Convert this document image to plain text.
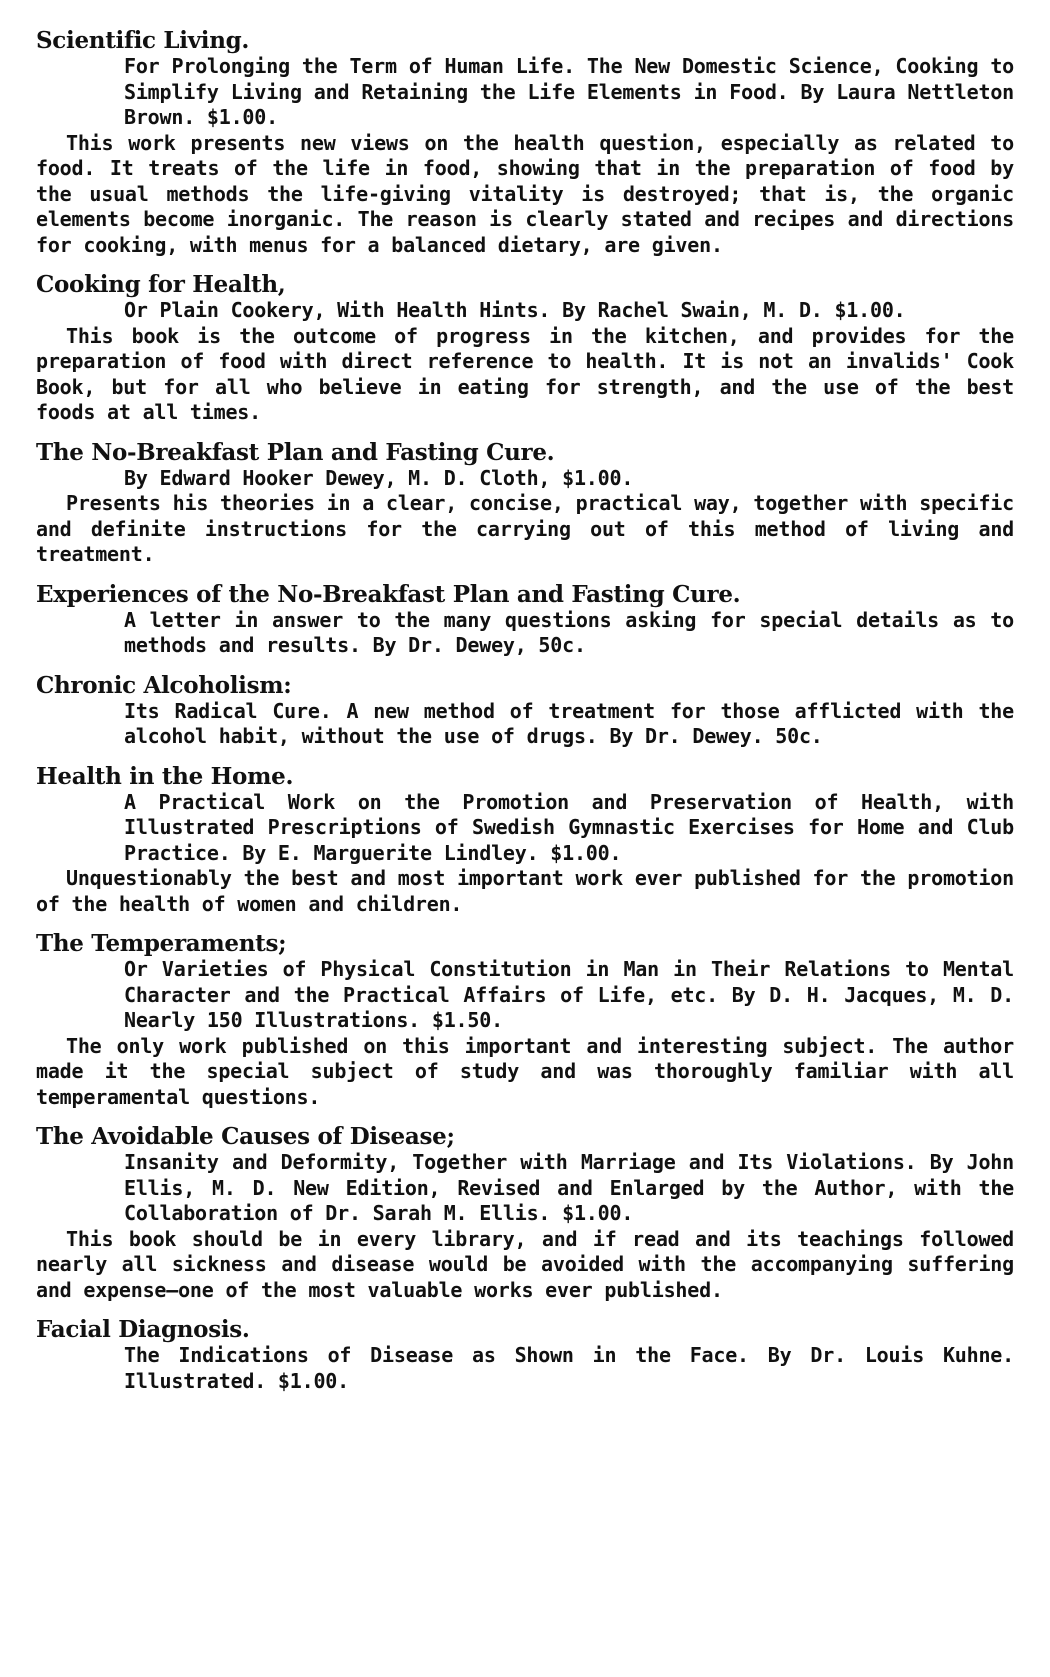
Scientific Living.
For Prolonging the Term of Human Life. The New Domestic Science, Cooking to Simplify Living and Retaining the Life Elements in Food. By Laura Nettleton Brown. $1.00.
This work presents new views on the health question, especially as related to food. It treats of the life in food, showing that in the preparation of food by the usual methods the life-giving vitality is destroyed; that is, the organic elements become inorganic. The reason is clearly stated and recipes and directions for cooking, with menus for a balanced dietary, are given.
Cooking for Health,
Or Plain Cookery, With Health Hints. By Rachel Swain, M. D. $1.00.
This book is the outcome of progress in the kitchen, and provides for the preparation of food with direct reference to health. It is not an invalids' Cook Book, but for all who believe in eating for strength, and the use of the best foods at all times.
The No-Breakfast Plan and Fasting Cure.
By Edward Hooker Dewey, M. D. Cloth, $1.00.
Presents his theories in a clear, concise, practical way, together with specific and definite instructions for the carrying out of this method of living and treatment.
Experiences of the No-Breakfast Plan and Fasting Cure.
A letter in answer to the many questions asking for special details as to methods and results. By Dr. Dewey, 50c.
Chronic Alcoholism:
Its Radical Cure. A new method of treatment for those afflicted with the alcohol habit, without the use of drugs. By Dr. Dewey. 50c.
Health in the Home.
A Practical Work on the Promotion and Preservation of Health, with Illustrated Prescriptions of Swedish Gymnastic Exercises for Home and Club Practice. By E. Marguerite Lindley. $1.00.
Unquestionably the best and most important work ever published for the promotion of the health of women and children.
The Temperaments;
Or Varieties of Physical Constitution in Man in Their Relations to Mental Character and the Practical Affairs of Life, etc. By D. H. Jacques, M. D. Nearly 150 Illustrations. $1.50.
The only work published on this important and interesting subject. The author made it the special subject of study and was thoroughly familiar with all temperamental questions.
The Avoidable Causes of Disease;
Insanity and Deformity, Together with Marriage and Its Violations. By John Ellis, M. D. New Edition, Revised and Enlarged by the Author, with the Collaboration of Dr. Sarah M. Ellis. $1.00.
This book should be in every library, and if read and its teachings followed nearly all sickness and disease would be avoided with the accompanying suffering and expense—one of the most valuable works ever published.
Facial Diagnosis.
The Indications of Disease as Shown in the Face. By Dr. Louis Kuhne. Illustrated. $1.00.
